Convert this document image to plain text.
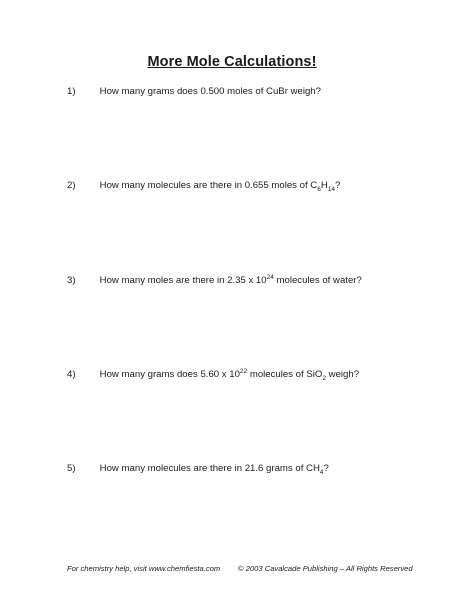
More Mole Calculations!
1)	How many grams does 0.500 moles of CuBr weigh?
2)	How many molecules are there in 0.655 moles of $C_6H_{14}$?
3)	How many moles are there in 2.35 x $10^{24}$ molecules of water?
4)	How many grams does 5.60 x $10^{22}$ molecules of SiO$_2$ weigh?
5)	How many molecules are there in 21.6 grams of $CH_4$?
For chemistry help, visit www.chemfiesta.com © 2003 Cavalcade Publishing – All Rights Reserved
